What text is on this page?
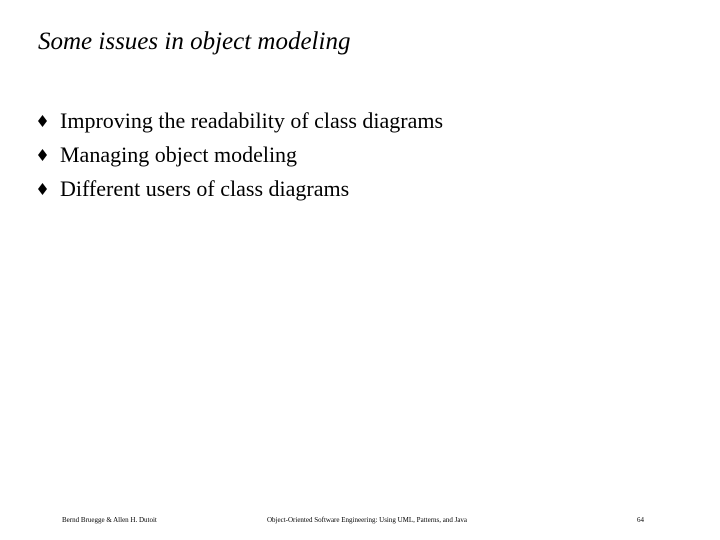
Some issues in object modeling
Improving the readability of class diagrams
Managing object modeling
Different users of class diagrams
Bernd Bruegge & Allen H. Dutoit	Object-Oriented Software Engineering: Using UML, Patterns, and Java	64
